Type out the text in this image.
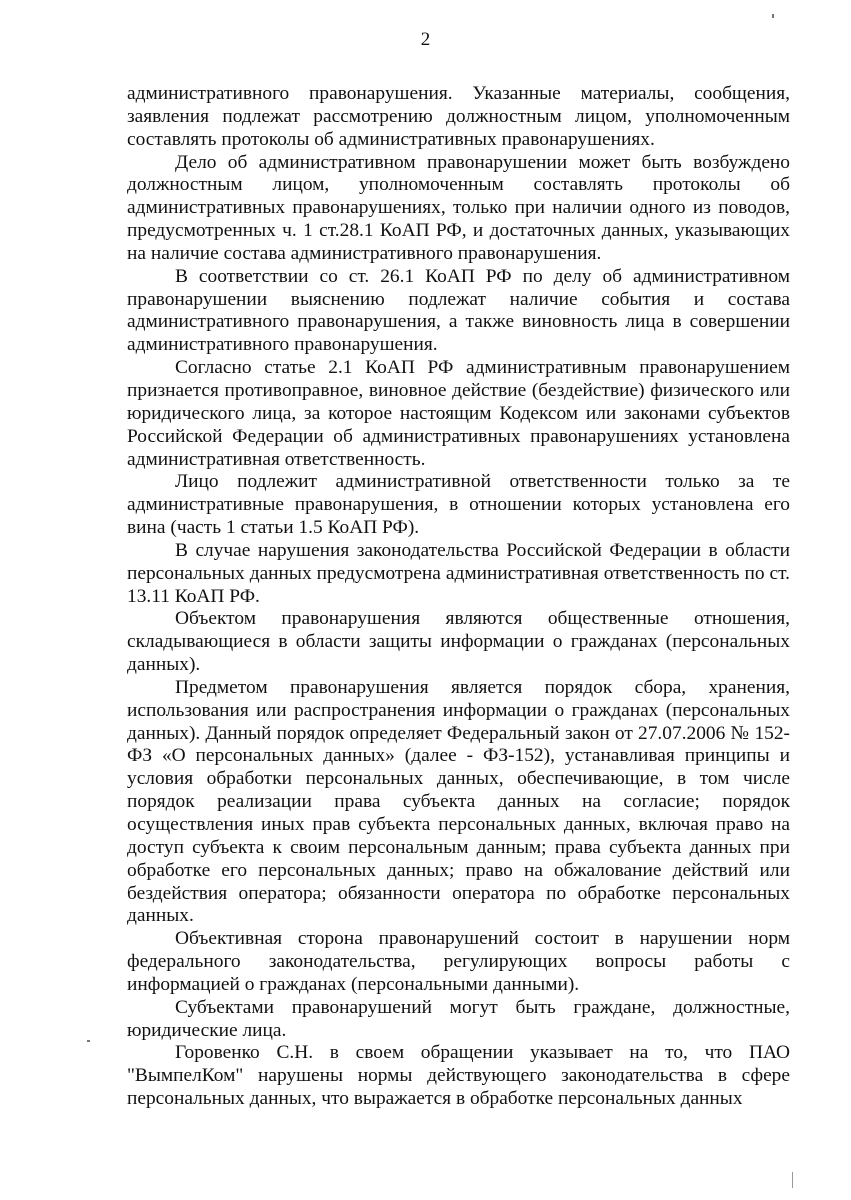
2

административного правонарушения. Указанные материалы, сообщения, заявления подлежат рассмотрению должностным лицом, уполномоченным составлять протоколы об административных правонарушениях.

Дело об административном правонарушении может быть возбуждено должностным лицом, уполномоченным составлять протоколы об административных правонарушениях, только при наличии одного из поводов, предусмотренных ч. 1 ст.28.1 КоАП РФ, и достаточных данных, указывающих на наличие состава административного правонарушения.

В соответствии со ст. 26.1 КоАП РФ по делу об административном правонарушении выяснению подлежат наличие события и состава административного правонарушения, а также виновность лица в совершении административного правонарушения.

Согласно статье 2.1 КоАП РФ административным правонарушением признается противоправное, виновное действие (бездействие) физического или юридического лица, за которое настоящим Кодексом или законами субъектов Российской Федерации об административных правонарушениях установлена административная ответственность.

Лицо подлежит административной ответственности только за те административные правонарушения, в отношении которых установлена его вина (часть 1 статьи 1.5 КоАП РФ).

В случае нарушения законодательства Российской Федерации в области персональных данных предусмотрена административная ответственность по ст. 13.11 КоАП РФ.

Объектом правонарушения являются общественные отношения, складывающиеся в области защиты информации о гражданах (персональных данных).

Предметом правонарушения является порядок сбора, хранения, использования или распространения информации о гражданах (персональных данных). Данный порядок определяет Федеральный закон от 27.07.2006 № 152-ФЗ «О персональных данных» (далее - ФЗ-152), устанавливая принципы и условия обработки персональных данных, обеспечивающие, в том числе порядок реализации права субъекта данных на согласие; порядок осуществления иных прав субъекта персональных данных, включая право на доступ субъекта к своим персональным данным; права субъекта данных при обработке его персональных данных; право на обжалование действий или бездействия оператора; обязанности оператора по обработке персональных данных.

Объективная сторона правонарушений состоит в нарушении норм федерального законодательства, регулирующих вопросы работы с информацией о гражданах (персональными данными).

Субъектами правонарушений могут быть граждане, должностные, юридические лица.

Горовенко С.Н. в своем обращении указывает на то, что ПАО "ВымпелКом" нарушены нормы действующего законодательства в сфере персональных данных, что выражается в обработке персональных данных
